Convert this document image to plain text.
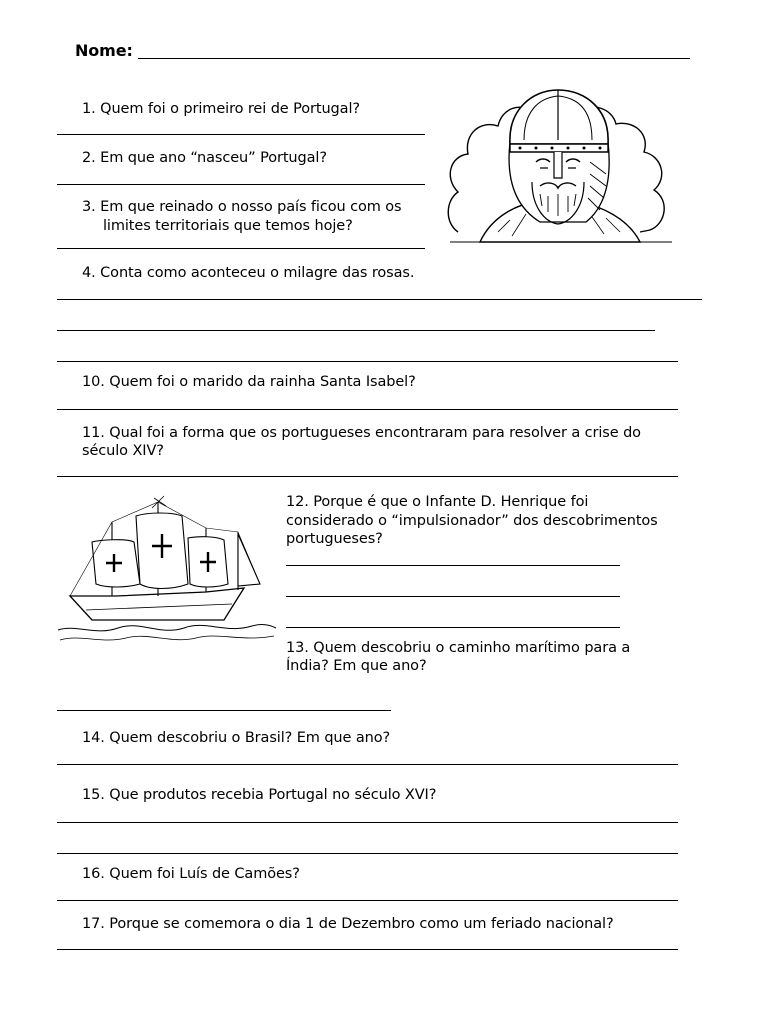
Nome:
1. Quem foi o primeiro rei de Portugal?
2. Em que ano “nasceu” Portugal?
3. Em que reinado o nosso país ficou com os
limites territoriais que temos hoje?
4. Conta como aconteceu o milagre das rosas.
10. Quem foi o marido da rainha Santa Isabel?
11. Qual foi a forma que os portugueses encontraram para resolver a crise do
século XIV?
12. Porque é que o Infante D. Henrique foi
considerado o “impulsionador” dos descobrimentos
portugueses?
13. Quem descobriu o caminho marítimo para a
Índia? Em que ano?
14. Quem descobriu o Brasil? Em que ano?
15. Que produtos recebia Portugal no século XVI?
16. Quem foi Luís de Camões?
17. Porque se comemora o dia 1 de Dezembro como um feriado nacional?
